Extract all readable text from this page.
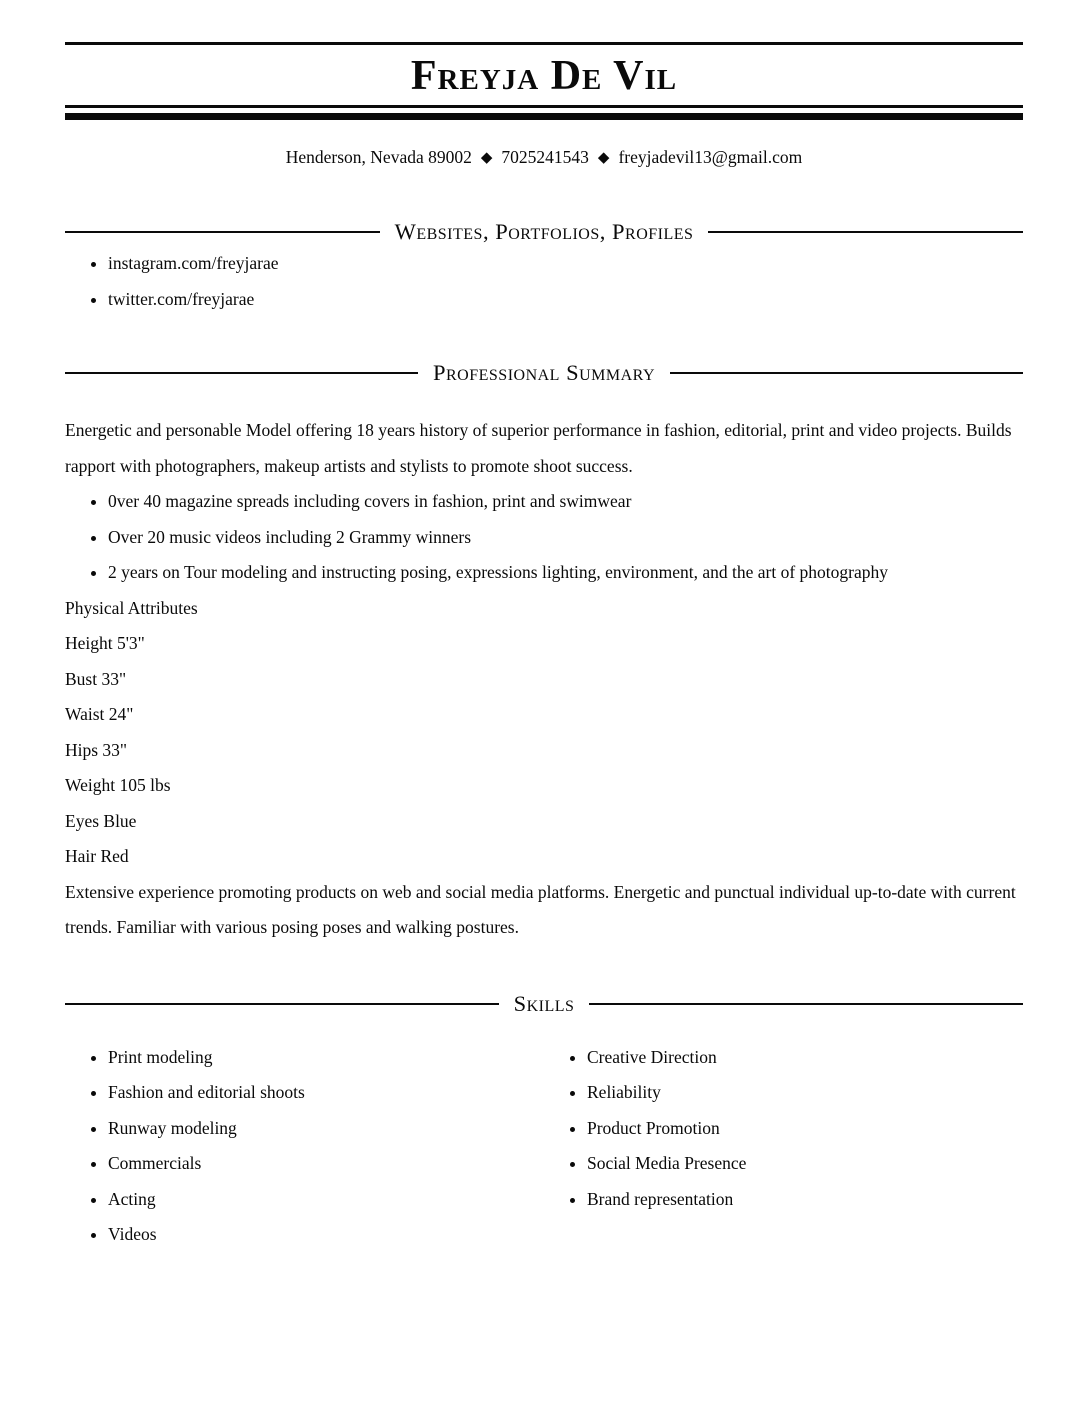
Freyja De Vil
Henderson, Nevada 89002 ◆ 7025241543 ◆ freyjadevil13@gmail.com
Websites, Portfolios, Profiles
• instagram.com/freyjarae
• twitter.com/freyjarae
Professional Summary

Energetic and personable Model offering 18 years history of superior performance in fashion, editorial, print and video projects. Builds rapport with photographers, makeup artists and stylists to promote shoot success.

• 0ver 40 magazine spreads including covers in fashion, print and swimwear
• Over 20 music videos including 2 Grammy winners
• 2 years on Tour modeling and instructing posing, expressions lighting, environment, and the art of photography
Physical Attributes
Height 5'3"
Bust 33"
Waist 24"
Hips 33"
Weight 105 lbs
Eyes Blue
Hair Red

Extensive experience promoting products on web and social media platforms. Energetic and punctual individual up-to-date with current trends. Familiar with various posing poses and walking postures.

Skills
• Print modeling
• Fashion and editorial shoots
• Runway modeling
• Commercials
• Acting
• Videos
• Creative Direction
• Reliability
• Product Promotion
• Social Media Presence
• Brand representation
